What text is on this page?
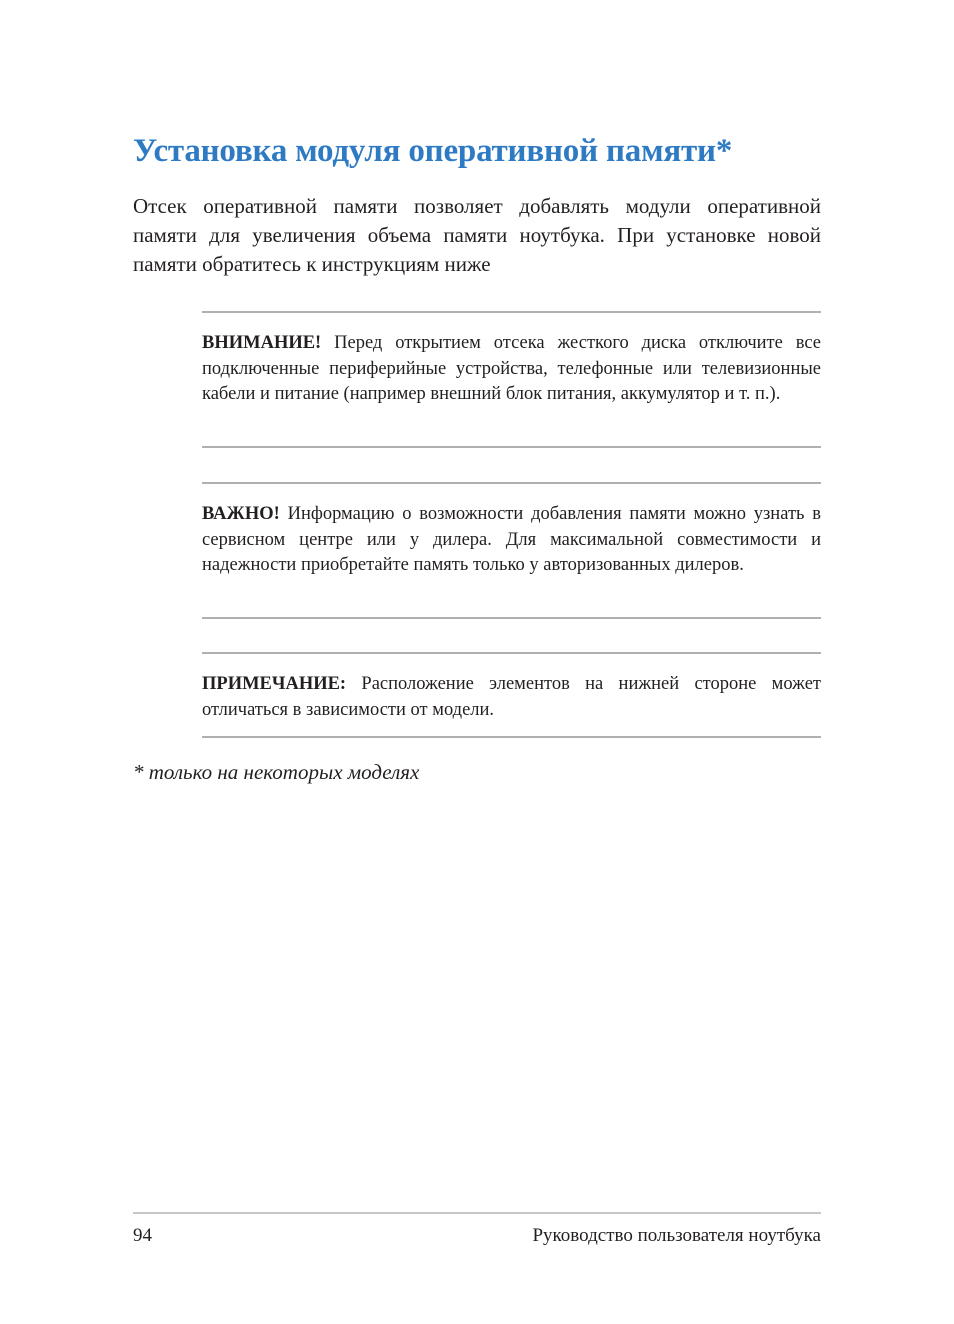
Установка модуля оперативной памяти*

Отсек оперативной памяти позволяет добавлять модули оперативной памяти для увеличения объема памяти ноутбука. При установке новой памяти обратитесь к инструкциям ниже

ВНИМАНИЕ! Перед открытием отсека жесткого диска отключите все подключенные периферийные устройства, телефонные или телевизионные кабели и питание (например внешний блок питания, аккумулятор и т. п.).

ВАЖНО! Информацию о возможности добавления памяти можно узнать в сервисном центре или у дилера. Для максимальной совместимости и надежности приобретайте память только у авторизованных дилеров.

ПРИМЕЧАНИЕ: Расположение элементов на нижней стороне может отличаться в зависимости от модели.

* только на некоторых моделях

94	Руководство пользователя ноутбука
